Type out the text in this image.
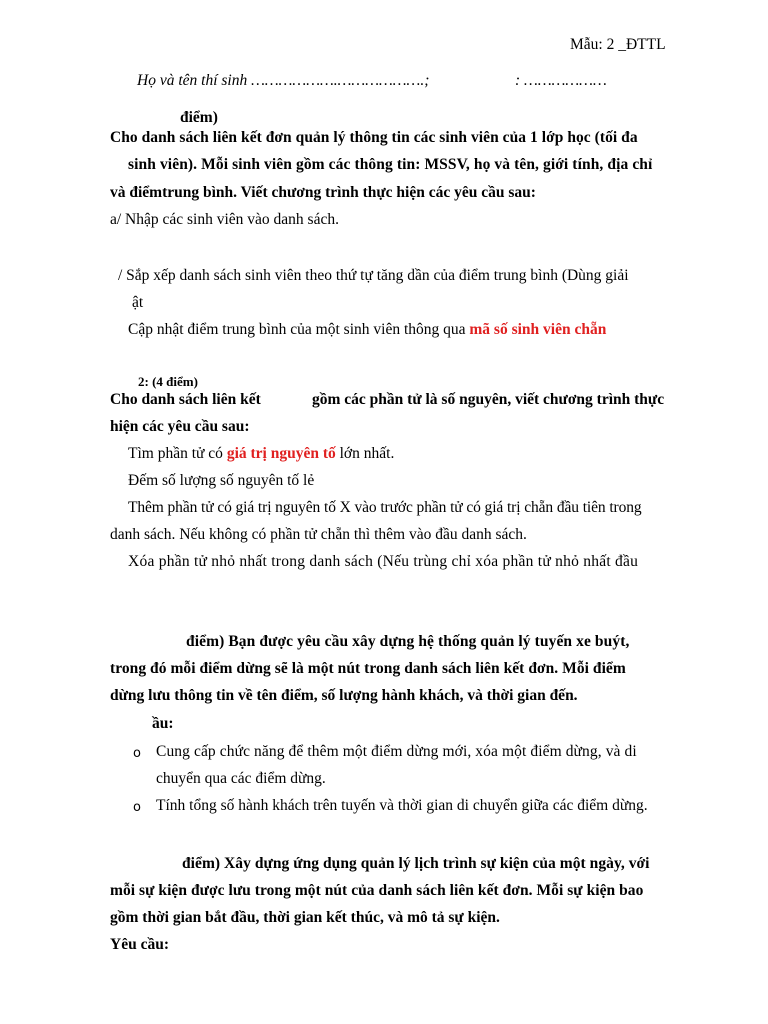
Mẫu: 2 _ĐTTL
Họ và tên thí sinh ……………….……………….;	: ………………
điểm)
Cho danh sách liên kết đơn quản lý thông tin các sinh viên của 1 lớp học (tối đa
sinh viên). Mỗi sinh viên gồm các thông tin: MSSV, họ và tên, giới tính, địa chỉ
và điểmtrung bình. Viết chương trình thực hiện các yêu cầu sau:
a/ Nhập các sinh viên vào danh sách.
/ Sắp xếp danh sách sinh viên theo thứ tự tăng dần của điểm trung bình (Dùng giải
ật
Cập nhật điểm trung bình của một sinh viên thông qua mã số sinh viên chẵn
2: (4 điểm)
Cho danh sách liên kết	gồm các phần tử là số nguyên, viết chương trình thực
hiện các yêu cầu sau:
Tìm phần tử có giá trị nguyên tố lớn nhất.
Đếm số lượng số nguyên tố lẻ
Thêm phần tử có giá trị nguyên tố X vào trước phần tử có giá trị chẵn đầu tiên trong
danh sách. Nếu không có phần tử chẵn thì thêm vào đầu danh sách.
Xóa phần tử nhỏ nhất trong danh sách (Nếu trùng chỉ xóa phần tử nhỏ nhất đầu
điểm) Bạn được yêu cầu xây dựng hệ thống quản lý tuyến xe buýt,
trong đó mỗi điểm dừng sẽ là một nút trong danh sách liên kết đơn. Mỗi điểm
dừng lưu thông tin về tên điểm, số lượng hành khách, và thời gian đến.
ầu:
o Cung cấp chức năng để thêm một điểm dừng mới, xóa một điểm dừng, và di
chuyển qua các điểm dừng.
o Tính tổng số hành khách trên tuyến và thời gian di chuyển giữa các điểm dừng.
điểm) Xây dựng ứng dụng quản lý lịch trình sự kiện của một ngày, với
mỗi sự kiện được lưu trong một nút của danh sách liên kết đơn. Mỗi sự kiện bao
gồm thời gian bắt đầu, thời gian kết thúc, và mô tả sự kiện.
Yêu cầu:
